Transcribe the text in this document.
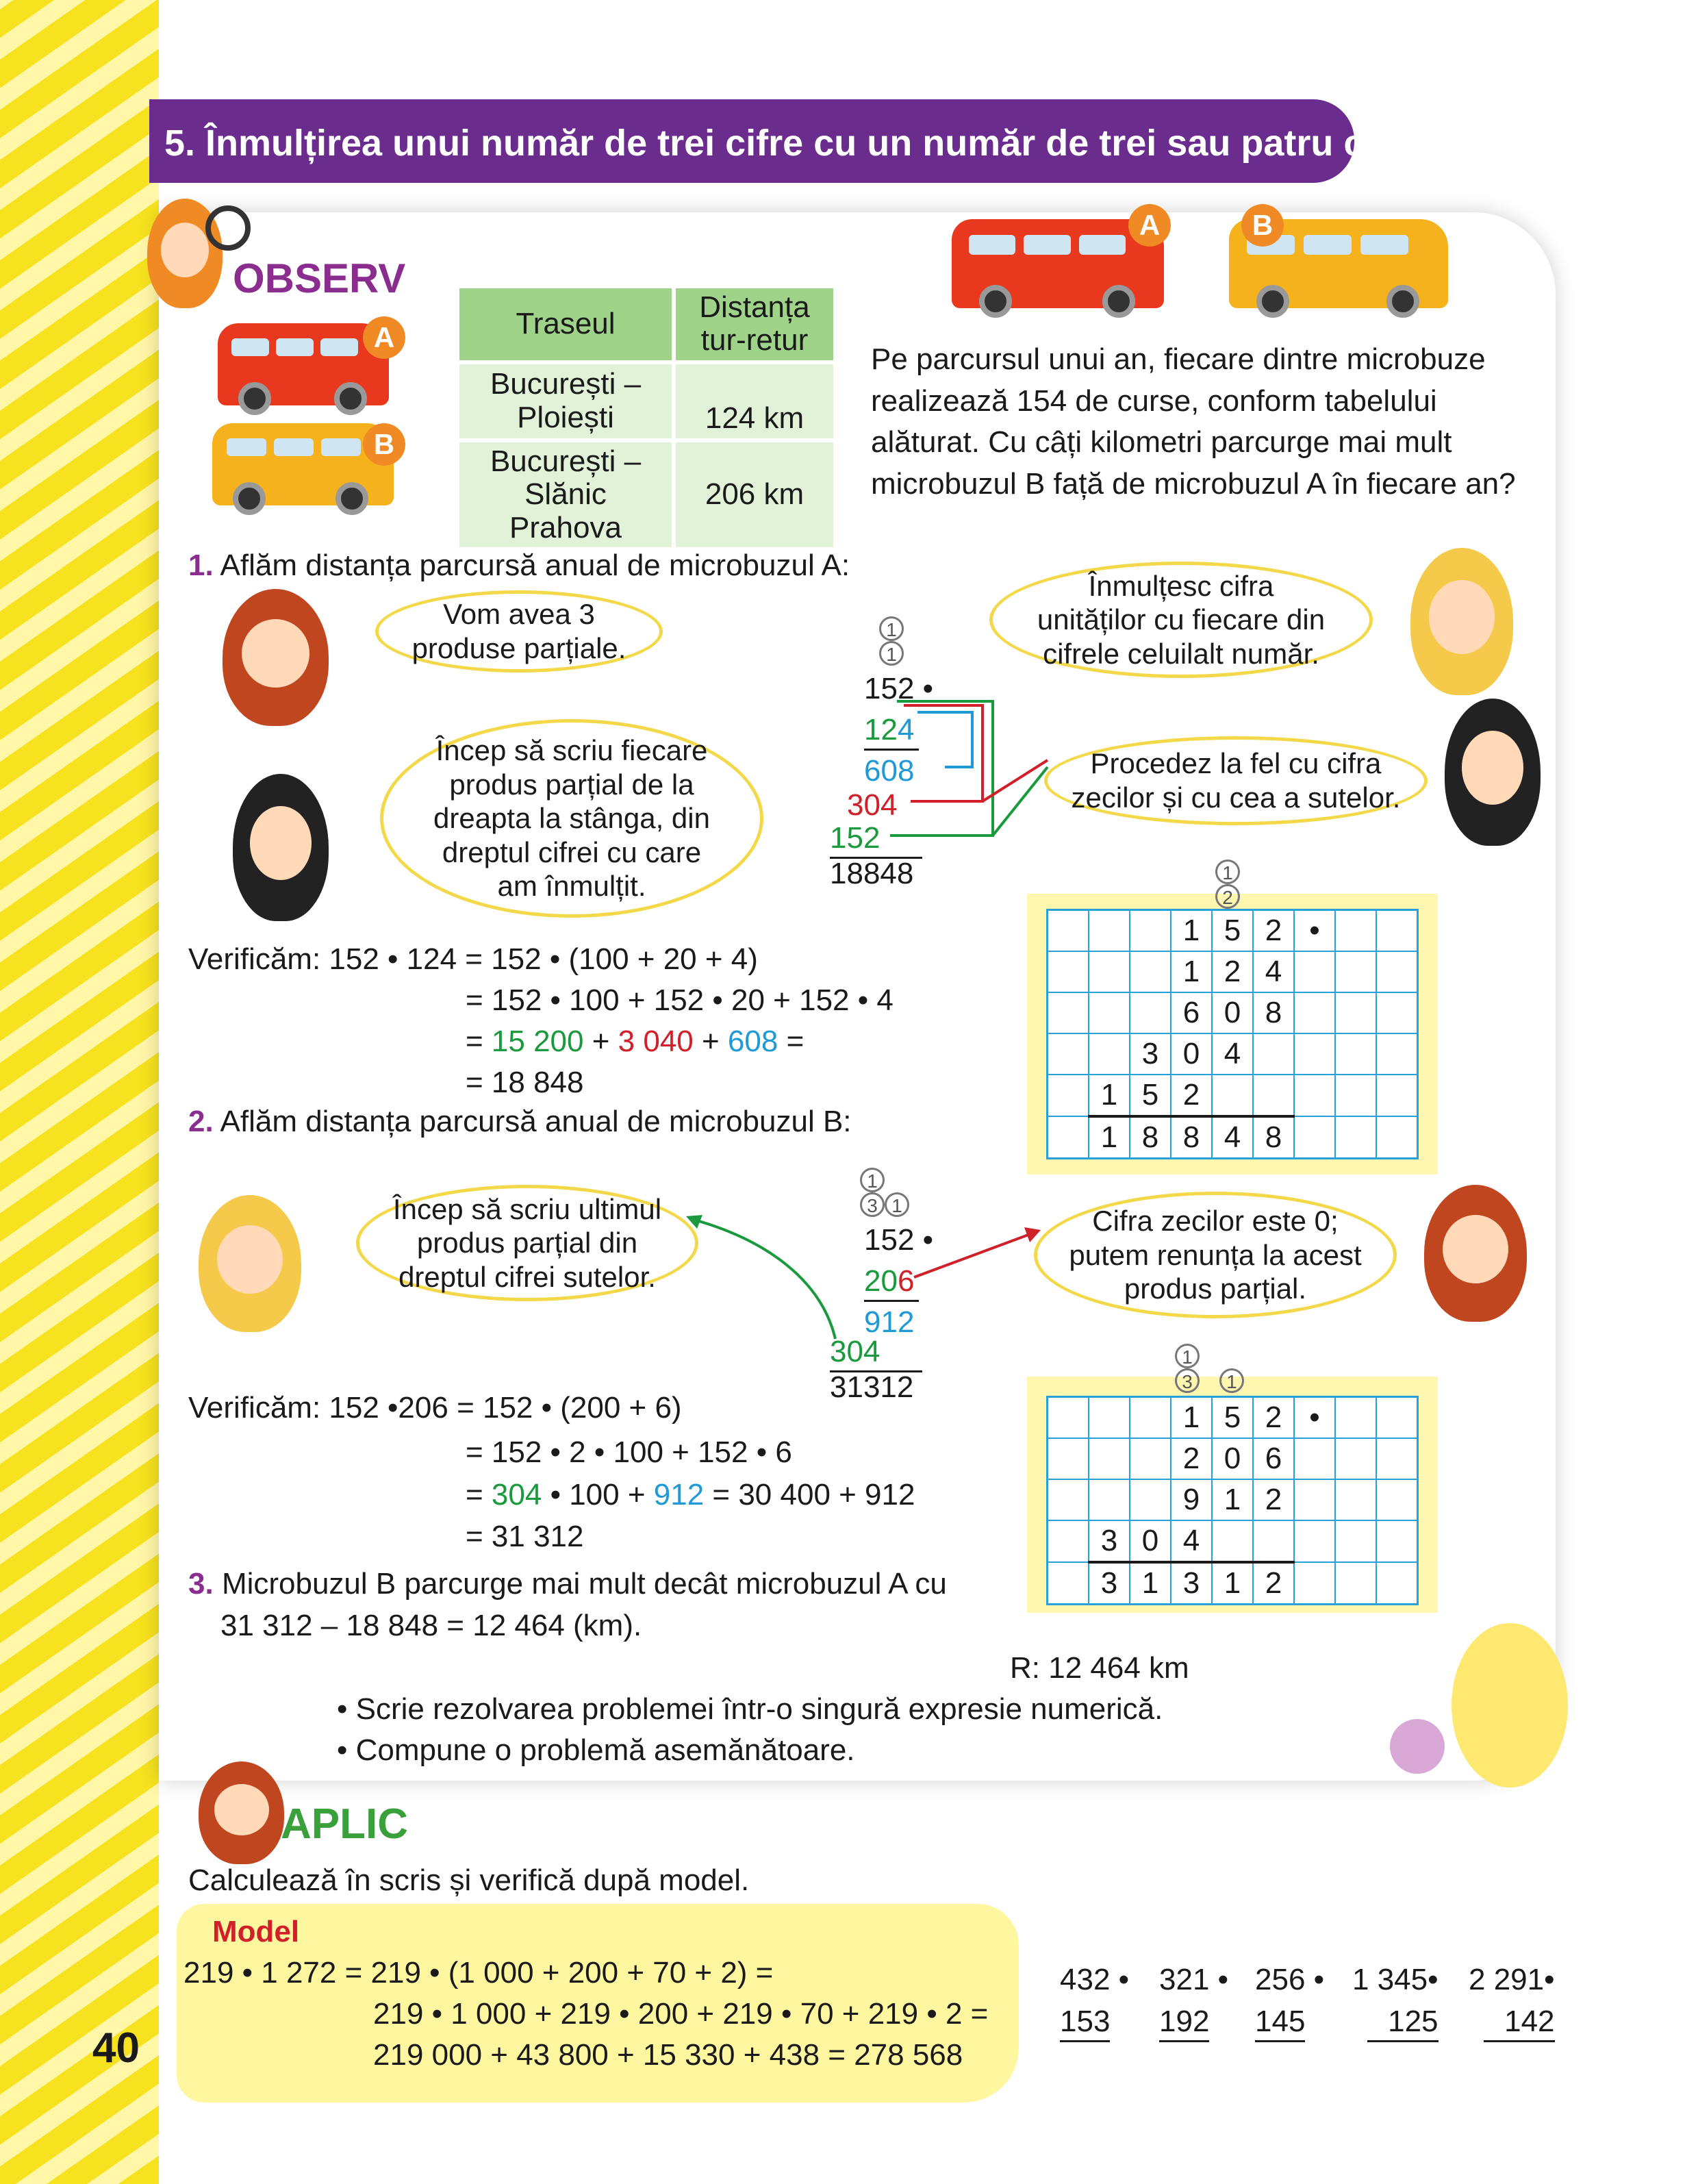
5. Înmulțirea unui număr de trei cifre cu un număr de trei sau patru cifre
OBSERV
A
B
A	B
Traseul	Distanța
tur-retur
București –
Ploiești	124 km
București –
Slănic Prahova	206 km
Pe parcursul unui an, fiecare dintre microbuze
realizează 154 de curse, conform tabelului
alăturat. Cu câți kilometri parcurge mai mult
microbuzul B față de microbuzul A în fiecare an?
1. Aflăm distanța parcursă anual de microbuzul A:
Vom avea 3
produse parțiale.
Încep să scriu fiecare
produs parțial de la
dreapta la stânga, din
dreptul cifrei cu care
am înmulțit.
Înmulțesc cifra
unităților cu fiecare din
cifrele celuilalt număr.
Procedez la fel cu cifra
zecilor și cu cea a sutelor.
1
1
152 •
124
608
304
152
18848	1
2
			1	5	2	•		
			1	2	4			
			6	0	8			
		3	0	4				
	1	5	2					
	1	8	8	4	8			
Verificăm: 152 • 124 = 152 • (100 + 20 + 4)
= 152 • 100 + 152 • 20 + 152 • 4
= 15 200 + 3 040 + 608 =
= 18 848
2. Aflăm distanța parcursă anual de microbuzul B:
Încep să scriu ultimul
produs parțial din
dreptul cifrei sutelor.
Cifra zecilor este 0;
putem renunța la acest
produs parțial.
1
3 1
152 •
206
912
304
31312
1
3 1
			1	5	2	•		
			2	0	6			
			9	1	2			
	3	0	4					
	3	1	3	1	2			
Verificăm: 152 •206 = 152 • (200 + 6)
= 152 • 2 • 100 + 152 • 6
= 304 • 100 + 912 = 30 400 + 912
= 31 312
3. Microbuzul B parcurge mai mult decât microbuzul A cu
31 312 – 18 848 = 12 464 (km).
R: 12 464 km
• Scrie rezolvarea problemei într-o singură expresie numerică.
• Compune o problemă asemănătoare.
APLIC
Calculează în scris și verifică după model.
Model
219 • 1 272 = 219 • (1 000 + 200 + 70 + 2) =
219 • 1 000 + 219 • 200 + 219 • 70 + 219 • 2 =
219 000 + 43 800 + 15 330 + 438 = 278 568
432 •
153
321 •
192
256 •
145
1 345•
125
2 291•
142
40
